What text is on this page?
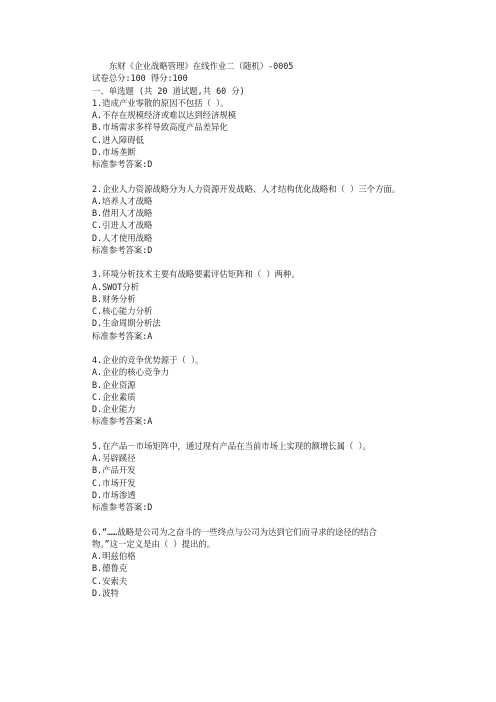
东财《企业战略管理》在线作业二（随机）-0005
试卷总分:100 得分:100
一、单选题 (共 20 道试题,共 60 分)
1.造成产业零散的原因不包括（ ）。
A.不存在规模经济或难以达到经济规模
B.市场需求多样导致高度产品差异化
C.进入障碍低
D.市场垄断
标准参考答案:D
2.企业人力资源战略分为人力资源开发战略、人才结构优化战略和（ ）三个方面。
A.培养人才战略
B.借用人才战略
C.引进人才战略
D.人才使用战略
标准参考答案:D
3.环境分析技术主要有战略要素评估矩阵和（ ）两种。
A.SWOT分析
B.财务分析
C.核心能力分析
D.生命周期分析法
标准参考答案:A
4.企业的竞争优势源于（ ）。
A.企业的核心竞争力
B.企业资源
C.企业素质
D.企业能力
标准参考答案:A
5.在产品－市场矩阵中，通过现有产品在当前市场上实现的额增长属（ ）。
A.另辟蹊径
B.产品开发
C.市场开发
D.市场渗透
标准参考答案:D
6.“……战略是公司为之奋斗的一些终点与公司为达到它们而寻求的途径的结合
物。”这一定义是由（ ）提出的。
A.明兹伯格
B.德鲁克
C.安索夫
D.波特
